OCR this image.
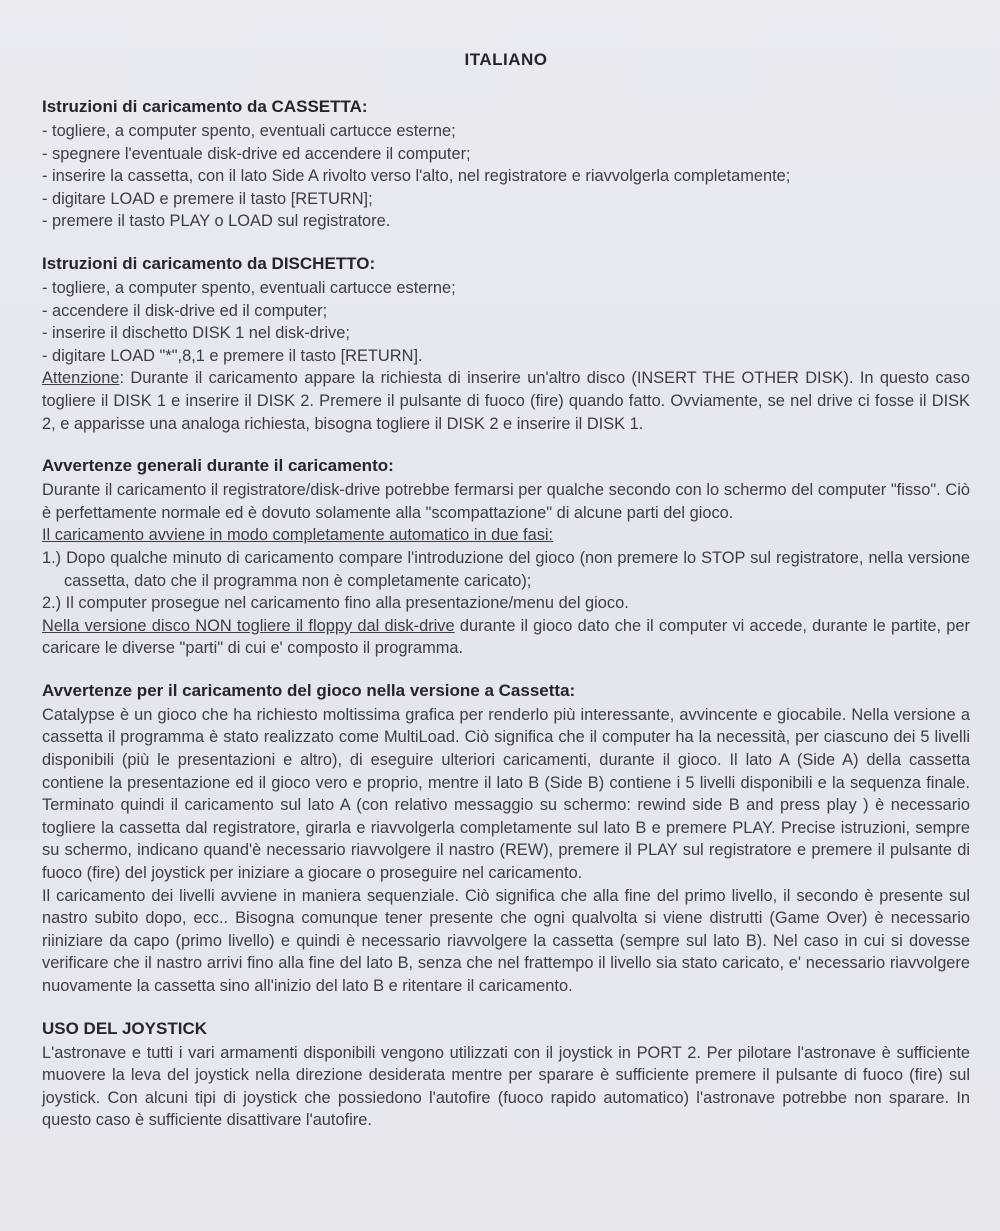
ITALIANO
Istruzioni di caricamento da CASSETTA:
- togliere, a computer spento, eventuali cartucce esterne;
- spegnere l'eventuale disk-drive ed accendere il computer;
- inserire la cassetta, con il lato Side A rivolto verso l'alto, nel registratore e riavvolgerla completamente;
- digitare LOAD e premere il tasto [RETURN];
- premere il tasto PLAY o LOAD sul registratore.
Istruzioni di caricamento da DISCHETTO:
- togliere, a computer spento, eventuali cartucce esterne;
- accendere il disk-drive ed il computer;
- inserire il dischetto DISK 1 nel disk-drive;
- digitare LOAD "*",8,1 e premere il tasto [RETURN].

Attenzione: Durante il caricamento appare la richiesta di inserire un'altro disco (INSERT THE OTHER DISK). In questo caso togliere il DISK 1 e inserire il DISK 2. Premere il pulsante di fuoco (fire) quando fatto. Ovviamente, se nel drive ci fosse il DISK 2, e apparisse una analoga richiesta, bisogna togliere il DISK 2 e inserire il DISK 1.

Avvertenze generali durante il caricamento:

Durante il caricamento il registratore/disk-drive potrebbe fermarsi per qualche secondo con lo schermo del computer "fisso". Ciò è perfettamente normale ed è dovuto solamente alla "scompattazione" di alcune parti del gioco.

Il caricamento avviene in modo completamente automatico in due fasi:

1.) Dopo qualche minuto di caricamento compare l'introduzione del gioco (non premere lo STOP sul registratore, nella versione cassetta, dato che il programma non è completamente caricato);

2.) Il computer prosegue nel caricamento fino alla presentazione/menu del gioco.

Nella versione disco NON togliere il floppy dal disk-drive durante il gioco dato che il computer vi accede, durante le partite, per caricare le diverse "parti" di cui e' composto il programma.

Avvertenze per il caricamento del gioco nella versione a Cassetta:

Catalypse è un gioco che ha richiesto moltissima grafica per renderlo più interessante, avvincente e giocabile. Nella versione a cassetta il programma è stato realizzato come MultiLoad. Ciò significa che il computer ha la necessità, per ciascuno dei 5 livelli disponibili (più le presentazioni e altro), di eseguire ulteriori caricamenti, durante il gioco. Il lato A (Side A) della cassetta contiene la presentazione ed il gioco vero e proprio, mentre il lato B (Side B) contiene i 5 livelli disponibili e la sequenza finale. Terminato quindi il caricamento sul lato A (con relativo messaggio su schermo: rewind side B and press play ) è necessario togliere la cassetta dal registratore, girarla e riavvolgerla completamente sul lato B e premere PLAY. Precise istruzioni, sempre su schermo, indicano quand'è necessario riavvolgere il nastro (REW), premere il PLAY sul registratore e premere il pulsante di fuoco (fire) del joystick per iniziare a giocare o proseguire nel caricamento.

Il caricamento dei livelli avviene in maniera sequenziale. Ciò significa che alla fine del primo livello, il secondo è presente sul nastro subito dopo, ecc.. Bisogna comunque tener presente che ogni qualvolta si viene distrutti (Game Over) è necessario riiniziare da capo (primo livello) e quindi è necessario riavvolgere la cassetta (sempre sul lato B). Nel caso in cui si dovesse verificare che il nastro arrivi fino alla fine del lato B, senza che nel frattempo il livello sia stato caricato, e' necessario riavvolgere nuovamente la cassetta sino all'inizio del lato B e ritentare il caricamento.

USO DEL JOYSTICK

L'astronave e tutti i vari armamenti disponibili vengono utilizzati con il joystick in PORT 2. Per pilotare l'astronave è sufficiente muovere la leva del joystick nella direzione desiderata mentre per sparare è sufficiente premere il pulsante di fuoco (fire) sul joystick. Con alcuni tipi di joystick che possiedono l'autofire (fuoco rapido automatico) l'astronave potrebbe non sparare. In questo caso è sufficiente disattivare l'autofire.
